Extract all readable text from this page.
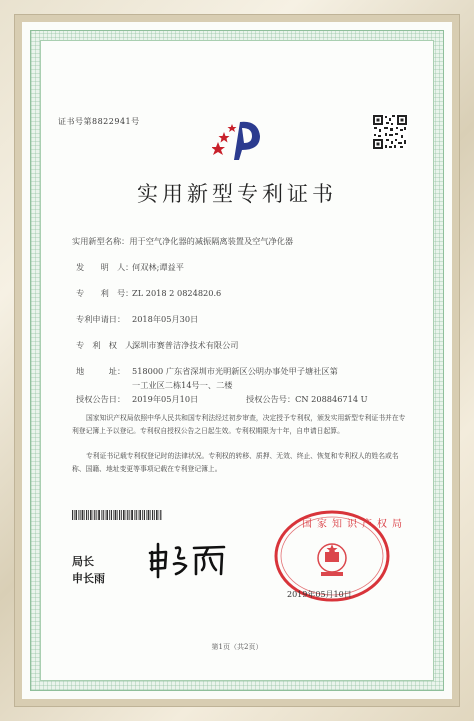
证书号第8822941号
实用新型专利证书
实用新型名称：用于空气净化器的减振隔离装置及空气净化器
发　　明　人：何双林;谭益平
专　　利　号：ZL 2018 2 0824820.6
专利申请日： 2018年05月30日
专　利　权　人：深圳市赛普洁净技术有限公司
地　　　址： 518000 广东省深圳市光明新区公明办事处甲子塘社区第
一工业区二栋14号一、二楼
授权公告日： 2019年05月10日	授权公告号：CN 208846714 U
国家知识产权局依照中华人民共和国专利法经过初步审查，决定授予专利权，颁发实用新型专利证书并在专利登记簿上予以登记。专利权自授权公告之日起生效。专利权期限为十年，自申请日起算。
专利证书记载专利权登记时的法律状况。专利权的转移、质押、无效、终止、恢复和专利权人的姓名或名称、国籍、地址变更等事项记载在专利登记簿上。
局长
申长雨
国家知识产权局
2019年05月10日
第1页（共2页）
